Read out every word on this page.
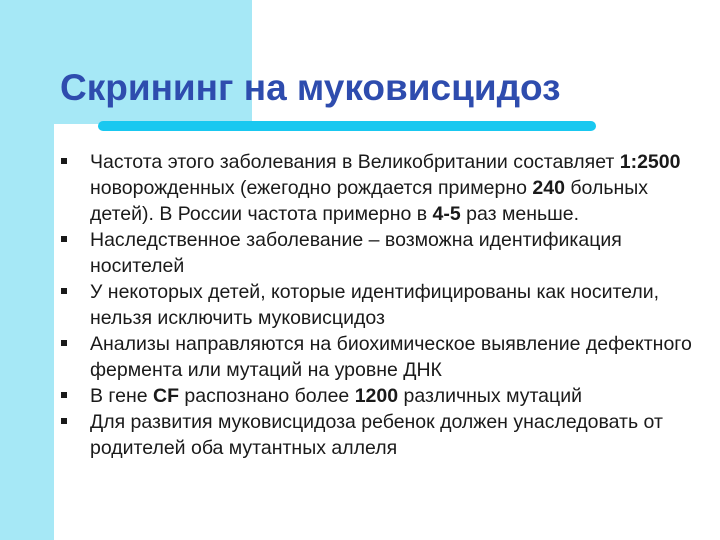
Скрининг на муковисцидоз
Частота этого заболевания в Великобритании составляет 1:2500 новорожденных (ежегодно рождается примерно 240 больных детей). В России частота примерно в 4-5 раз меньше.
Наследственное заболевание – возможна идентификация носителей
У некоторых детей, которые идентифицированы как носители, нельзя исключить муковисцидоз
Анализы направляются на биохимическое выявление дефектного фермента или мутаций на уровне ДНК
В гене CF распознано более 1200 различных мутаций
Для развития муковисцидоза ребенок должен унаследовать от родителей оба мутантных аллеля
